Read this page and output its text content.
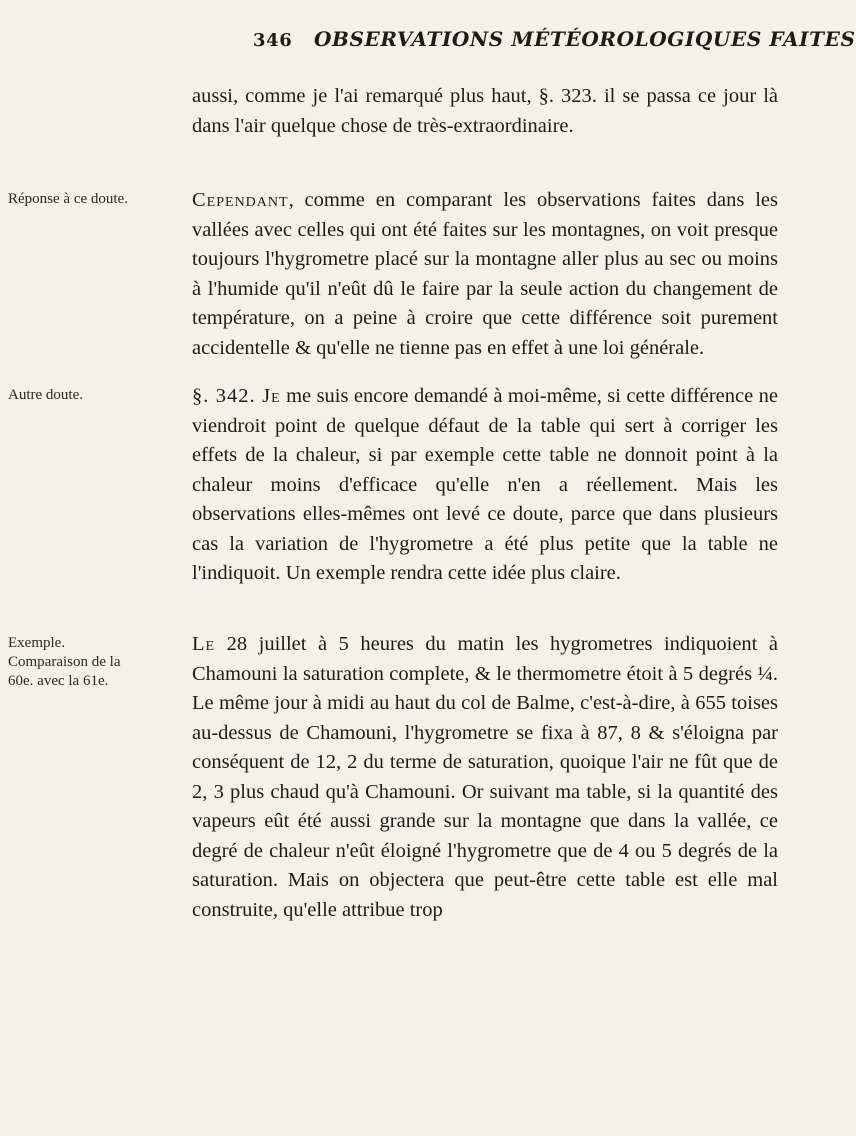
346 OBSERVATIONS MÉTÉOROLOGIQUES FAITES
Réponse à ce doute.
Autre doute.
Exemple. Comparaison de la 60e. avec la 61e.

aussi, comme je l'ai remarqué plus haut, §. 323. il se passa ce jour là dans l'air quelque chose de très-extraordinaire.

Cependant, comme en comparant les observations faites dans les vallées avec celles qui ont été faites sur les montagnes, on voit presque toujours l'hygrometre placé sur la montagne aller plus au sec ou moins à l'humide qu'il n'eût dû le faire par la seule action du changement de température, on a peine à croire que cette différence soit purement accidentelle & qu'elle ne tienne pas en effet à une loi générale.

§. 342. Je me suis encore demandé à moi-même, si cette différence ne viendroit point de quelque défaut de la table qui sert à corriger les effets de la chaleur, si par exemple cette table ne donnoit point à la chaleur moins d'efficace qu'elle n'en a réellement. Mais les observations elles-mêmes ont levé ce doute, parce que dans plusieurs cas la variation de l'hygrometre a été plus petite que la table ne l'indiquoit. Un exemple rendra cette idée plus claire.

Le 28 juillet à 5 heures du matin les hygrometres indiquoient à Chamouni la saturation complete, & le thermometre étoit à 5 degrés ¼. Le même jour à midi au haut du col de Balme, c'est-à-dire, à 655 toises au-dessus de Chamouni, l'hygrometre se fixa à 87, 8 & s'éloigna par conséquent de 12, 2 du terme de saturation, quoique l'air ne fût que de 2, 3 plus chaud qu'à Chamouni. Or suivant ma table, si la quantité des vapeurs eût été aussi grande sur la montagne que dans la vallée, ce degré de chaleur n'eût éloigné l'hygrometre que de 4 ou 5 degrés de la saturation. Mais on objectera que peut-être cette table est elle mal construite, qu'elle attribue trop
